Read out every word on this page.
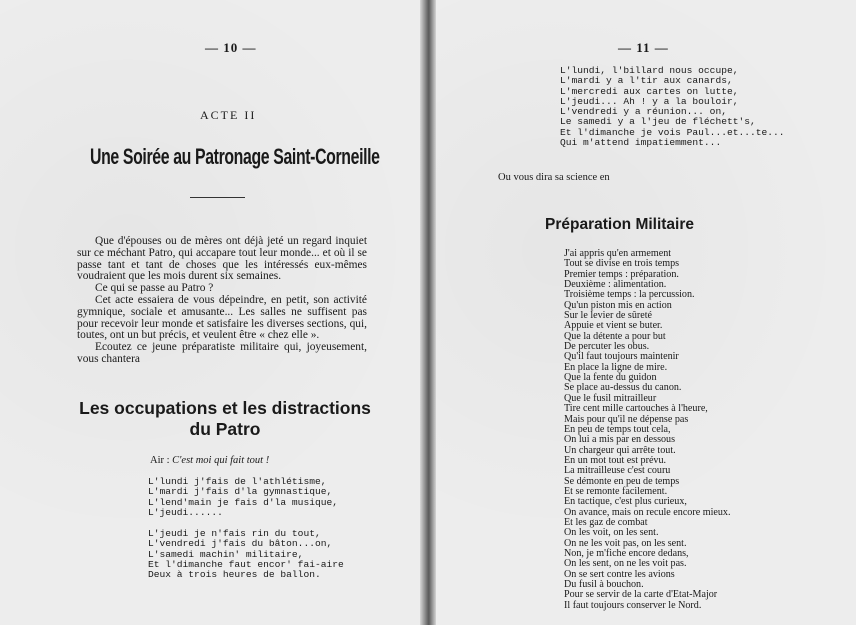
— 10 —
ACTE II
Une Soirée au Patronage Saint-Corneille

Que d'épouses ou de mères ont déjà jeté un regard inquiet sur ce méchant Patro, qui accapare tout leur monde... et où il se passe tant et tant de choses que les intéressés eux-mêmes voudraient que les mois durent six semaines.

Ce qui se passe au Patro ?

Cet acte essaiera de vous dépeindre, en petit, son activité gymnique, sociale et amusante... Les salles ne suffisent pas pour recevoir leur monde et satisfaire les diverses sections, qui, toutes, ont un but précis, et veulent être « chez elle ».

Ecoutez ce jeune préparatiste militaire qui, joyeusement, vous chantera

Les occupations et les distractions
du Patro
Air : C'est moi qui fait tout !
L'lundi j'fais de l'athlétisme,
L'mardi j'fais d'la gymnastique,
L'lend'main je fais d'la musique,
L'jeudi......
L'jeudi je n'fais rin du tout,
L'vendredi j'fais du bâton...on,
L'samedi machin' militaire,
Et l'dimanche faut encor' fai-aire
Deux à trois heures de ballon.
— 11 —
L'lundi, l'billard nous occupe,
L'mardi y a l'tir aux canards,
L'mercredi aux cartes on lutte,
L'jeudi... Ah ! y a la bouloir,
L'vendredi y a réunion... on,
Le samedi y a l'jeu de fléchett's,
Et l'dimanche je vois Paul...et...te...
Qui m'attend impatiemment...
Ou vous dira sa science en
Préparation Militaire
J'ai appris qu'en armement
Tout se divise en trois temps
Premier temps : préparation.
Deuxième : alimentation.
Troisième temps : la percussion.
Qu'un piston mis en action
Sur le levier de sûreté
Appuie et vient se buter.
Que la détente a pour but
De percuter les obus.
Qu'il faut toujours maintenir
En place la ligne de mire.
Que la fente du guidon
Se place au-dessus du canon.
Que le fusil mitrailleur
Tire cent mille cartouches à l'heure,
Mais pour qu'il ne dépense pas
En peu de temps tout cela,
On lui a mis par en dessous
Un chargeur qui arrête tout.
En un mot tout est prévu.
La mitrailleuse c'est couru
Se démonte en peu de temps
Et se remonte facilement.
En tactique, c'est plus curieux,
On avance, mais on recule encore mieux.
Et les gaz de combat
On les voit, on les sent.
On ne les voit pas, on les sent.
Non, je m'fiche encore dedans,
On les sent, on ne les voit pas.
On se sert contre les avions
Du fusil à bouchon.
Pour se servir de la carte d'Etat-Major
Il faut toujours conserver le Nord.
